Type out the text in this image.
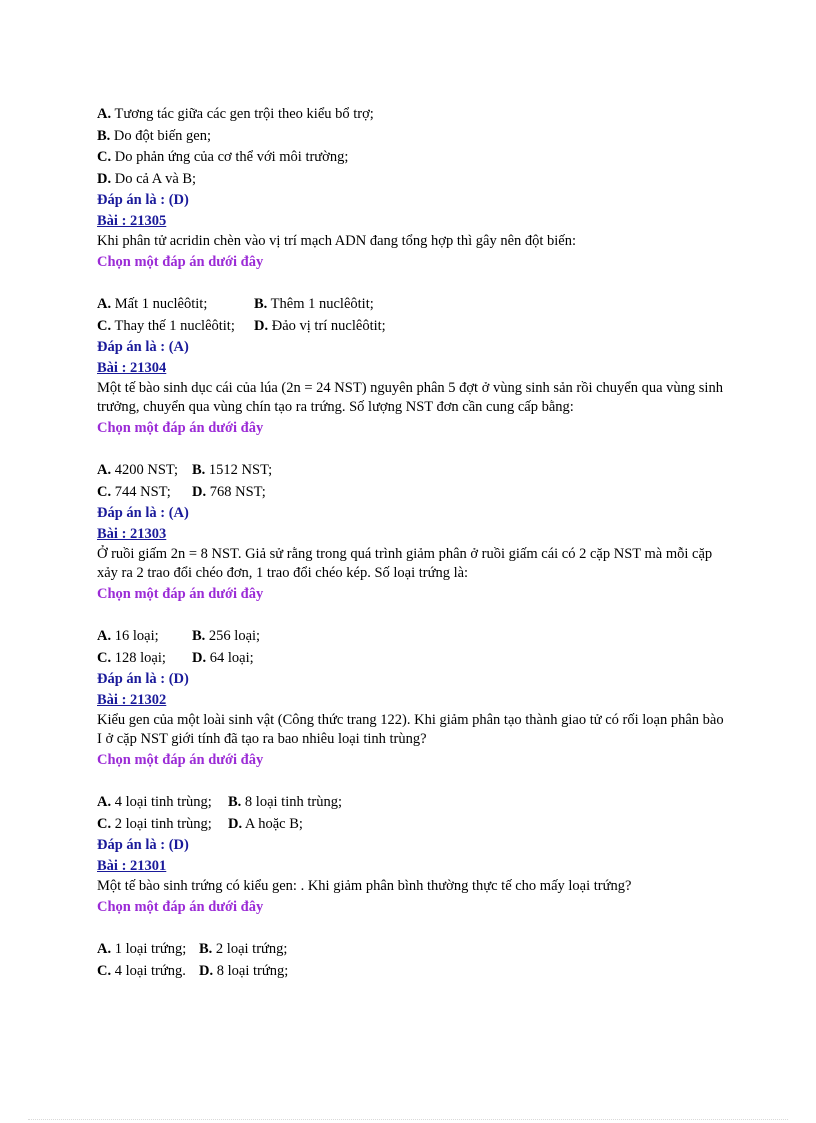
A. Tương tác giữa các gen trội theo kiểu bổ trợ;
B. Do đột biến gen;
C. Do phản ứng của cơ thể với môi trường;
D. Do cả A và B;
Đáp án là : (D)
Bài : 21305
Khi phân tử acridin chèn vào vị trí mạch ADN đang tổng hợp thì gây nên đột biến:
Chọn một đáp án dưới đây
A. Mất 1 nuclêôtit;	B. Thêm 1 nuclêôtit;
C. Thay thế 1 nuclêôtit;	D. Đảo vị trí nuclêôtit;
Đáp án là : (A)
Bài : 21304
Một tế bào sinh dục cái của lúa (2n = 24 NST) nguyên phân 5 đợt ở vùng sinh sản rồi chuyển qua vùng sinh trưởng, chuyển qua vùng chín tạo ra trứng. Số lượng NST đơn cần cung cấp bằng:
Chọn một đáp án dưới đây
A. 4200 NST; B. 1512 NST;
C. 744 NST;	D. 768 NST;
Đáp án là : (A)
Bài : 21303
Ở ruồi giấm 2n = 8 NST. Giả sử rằng trong quá trình giảm phân ở ruồi giấm cái có 2 cặp NST mà mỗi cặp xảy ra 2 trao đổi chéo đơn, 1 trao đổi chéo kép. Số loại trứng là:
Chọn một đáp án dưới đây
A. 16 loại;	B. 256 loại;
C. 128 loại;	D. 64 loại;
Đáp án là : (D)
Bài : 21302
Kiểu gen của một loài sinh vật (Công thức trang 122). Khi giảm phân tạo thành giao tử có rối loạn phân bào I ở cặp NST giới tính đã tạo ra bao nhiêu loại tinh trùng?
Chọn một đáp án dưới đây
A. 4 loại tinh trùng;	B. 8 loại tinh trùng;
C. 2 loại tinh trùng;	D. A hoặc B;
Đáp án là : (D)
Bài : 21301
Một tế bào sinh trứng có kiểu gen: . Khi giảm phân bình thường thực tế cho mấy loại trứng?
Chọn một đáp án dưới đây
A. 1 loại trứng; B. 2 loại trứng;
C. 4 loại trứng. D. 8 loại trứng;
